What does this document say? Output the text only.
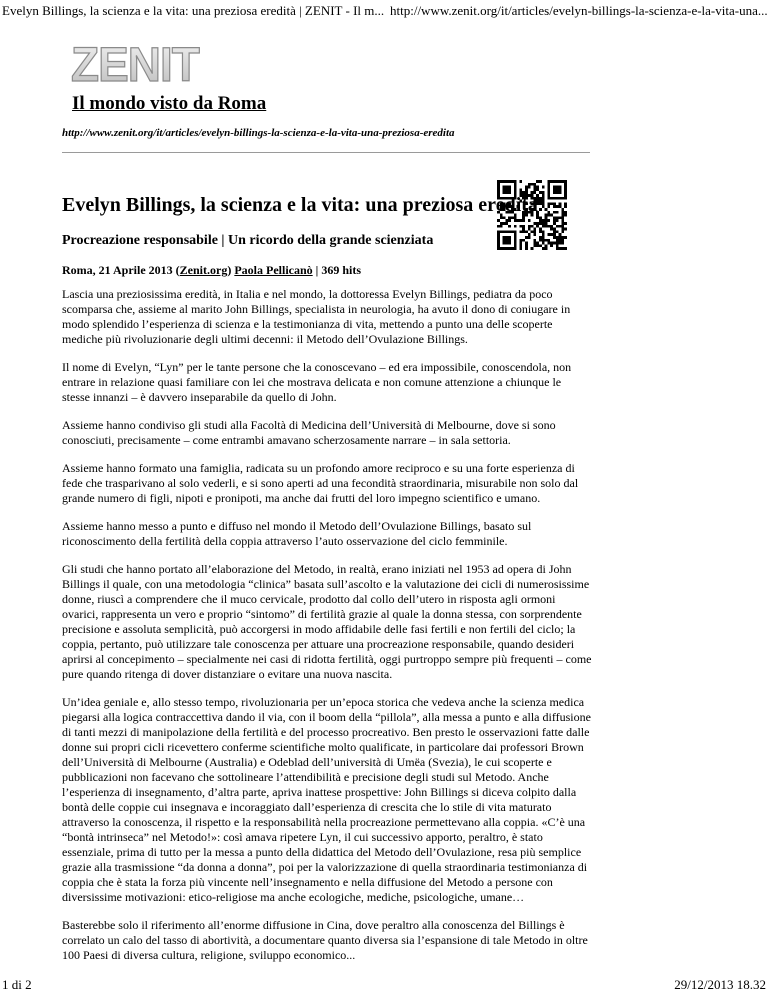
Evelyn Billings, la scienza e la vita: una preziosa eredità | ZENIT - Il m... http://www.zenit.org/it/articles/evelyn-billings-la-scienza-e-la-vita-una...
ZENIT
Il mondo visto da Roma
http://www.zenit.org/it/articles/evelyn-billings-la-scienza-e-la-vita-una-preziosa-eredita
Evelyn Billings, la scienza e la vita: una preziosa eredità
Procreazione responsabile | Un ricordo della grande scienziata
Roma, 21 Aprile 2013 (Zenit.org) Paola Pellicanò | 369 hits

Lascia una preziosissima eredità, in Italia e nel mondo, la dottoressa Evelyn Billings, pediatra da poco scomparsa che, assieme al marito John Billings, specialista in neurologia, ha avuto il dono di coniugare in modo splendido l’esperienza di scienza e la testimonianza di vita, mettendo a punto una delle scoperte mediche più rivoluzionarie degli ultimi decenni: il Metodo dell’Ovulazione Billings.

Il nome di Evelyn, “Lyn” per le tante persone che la conoscevano – ed era impossibile, conoscendola, non entrare in relazione quasi familiare con lei che mostrava delicata e non comune attenzione a chiunque le stesse innanzi – è davvero inseparabile da quello di John.

Assieme hanno condiviso gli studi alla Facoltà di Medicina dell’Università di Melbourne, dove si sono conosciuti, precisamente – come entrambi amavano scherzosamente narrare – in sala settoria.

Assieme hanno formato una famiglia, radicata su un profondo amore reciproco e su una forte esperienza di fede che trasparivano al solo vederli, e si sono aperti ad una fecondità straordinaria, misurabile non solo dal grande numero di figli, nipoti e pronipoti, ma anche dai frutti del loro impegno scientifico e umano.

Assieme hanno messo a punto e diffuso nel mondo il Metodo dell’Ovulazione Billings, basato sul riconoscimento della fertilità della coppia attraverso l’auto osservazione del ciclo femminile.

Gli studi che hanno portato all’elaborazione del Metodo, in realtà, erano iniziati nel 1953 ad opera di John Billings il quale, con una metodologia “clinica” basata sull’ascolto e la valutazione dei cicli di numerosissime donne, riuscì a comprendere che il muco cervicale, prodotto dal collo dell’utero in risposta agli ormoni ovarici, rappresenta un vero e proprio “sintomo” di fertilità grazie al quale la donna stessa, con sorprendente precisione e assoluta semplicità, può accorgersi in modo affidabile delle fasi fertili e non fertili del ciclo; la coppia, pertanto, può utilizzare tale conoscenza per attuare una procreazione responsabile, quando desideri aprirsi al concepimento – specialmente nei casi di ridotta fertilità, oggi purtroppo sempre più frequenti – come pure quando ritenga di dover distanziare o evitare una nuova nascita.

Un’idea geniale e, allo stesso tempo, rivoluzionaria per un’epoca storica che vedeva anche la scienza medica piegarsi alla logica contraccettiva dando il via, con il boom della “pillola”, alla messa a punto e alla diffusione di tanti mezzi di manipolazione della fertilità e del processo procreativo. Ben presto le osservazioni fatte dalle donne sui propri cicli ricevettero conferme scientifiche molto qualificate, in particolare dai professori Brown dell’Università di Melbourne (Australia) e Odeblad dell’università di Umëa (Svezia), le cui scoperte e pubblicazioni non facevano che sottolineare l’attendibilità e precisione degli studi sul Metodo. Anche l’esperienza di insegnamento, d’altra parte, apriva inattese prospettive: John Billings si diceva colpito dalla bontà delle coppie cui insegnava e incoraggiato dall’esperienza di crescita che lo stile di vita maturato attraverso la conoscenza, il rispetto e la responsabilità nella procreazione permettevano alla coppia. «C’è una “bontà intrinseca” nel Metodo!»: così amava ripetere Lyn, il cui successivo apporto, peraltro, è stato essenziale, prima di tutto per la messa a punto della didattica del Metodo dell’Ovulazione, resa più semplice grazie alla trasmissione “da donna a donna”, poi per la valorizzazione di quella straordinaria testimonianza di coppia che è stata la forza più vincente nell’insegnamento e nella diffusione del Metodo a persone con diversissime motivazioni: etico-religiose ma anche ecologiche, mediche, psicologiche, umane…

Basterebbe solo il riferimento all’enorme diffusione in Cina, dove peraltro alla conoscenza del Billings è correlato un calo del tasso di abortività, a documentare quanto diversa sia l’espansione di tale Metodo in oltre 100 Paesi di diversa cultura, religione, sviluppo economico...

1 di 2	29/12/2013 18.32
